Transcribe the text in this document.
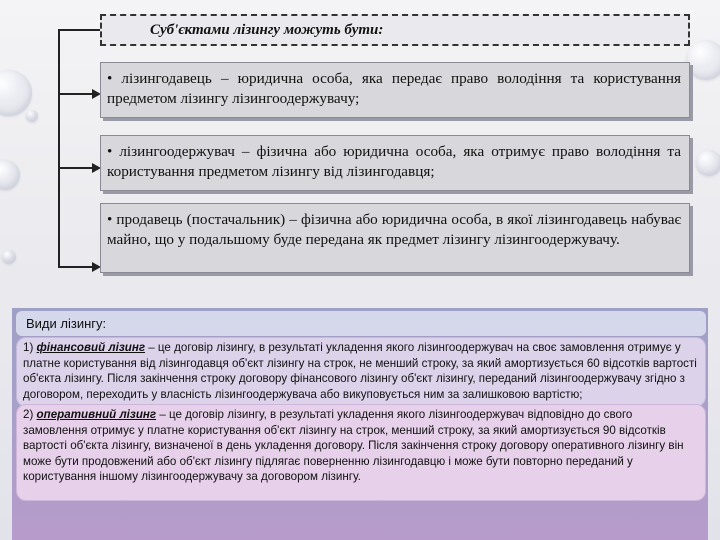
Суб'єктами лізингу можуть бути:
• лізингодавець – юридична особа, яка передає право володіння та користування предметом лізингу лізингоодержувачу;
• лізингоодержувач – фізична або юридична особа, яка отримує право володіння та користування предметом лізингу від лізингодавця;
• продавець (постачальник) – фізична або юридична особа, в якої лізингодавець набуває майно, що у подальшому буде передана як предмет лізингу лізингоодержувачу.
Види лізингу:
1) фінансовий лізинг – це договір лізингу, в результаті укладення якого лізингоодержувач на своє замовлення отримує у платне користування від лізингодавця об'єкт лізингу на строк, не менший строку, за який амортизується 60 відсотків вартості об'єкта лізингу. Після закінчення строку договору фінансового лізингу об'єкт лізингу, переданий лізингоодержувачу згідно з договором, переходить у власність лізингоодержувача або викуповується ним за залишковою вартістю;
2) оперативний лізинг – це договір лізингу, в результаті укладення якого лізингоодержувач відповідно до свого замовлення отримує у платне користування об'єкт лізингу на строк, менший строку, за який амортизується 90 відсотків вартості об'єкта лізингу, визначеної в день укладення договору. Після закінчення строку договору оперативного лізингу він може бути продовжений або об'єкт лізингу підлягає поверненню лізингодавцю і може бути повторно переданий у користування іншому лізингоодержувачу за договором лізингу.
